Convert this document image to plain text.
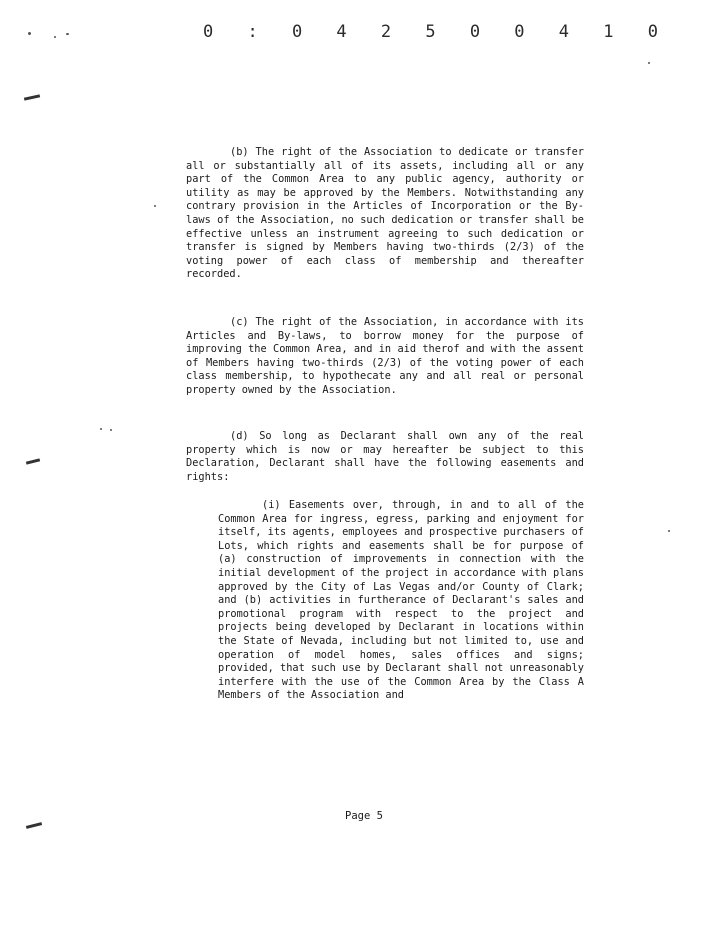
0 : 0 4 2 5 0 0 4 1 0

(b) The right of the Association to dedicate or transfer all or substantially all of its assets, including all or any part of the Common Area to any public agency, authority or utility as may be approved by the Members. Notwithstanding any contrary provision in the Articles of Incorporation or the By-laws of the Association, no such dedication or transfer shall be effective unless an instrument agreeing to such dedication or transfer is signed by Members having two-thirds (2/3) of the voting power of each class of membership and thereafter recorded.

(c) The right of the Association, in accordance with its Articles and By-laws, to borrow money for the purpose of improving the Common Area, and in aid therof and with the assent of Members having two-thirds (2/3) of the voting power of each class membership, to hypothecate any and all real or personal property owned by the Association.

(d) So long as Declarant shall own any of the real property which is now or may hereafter be subject to this Declaration, Declarant shall have the following easements and rights:

(i) Easements over, through, in and to all of the Common Area for ingress, egress, parking and enjoyment for itself, its agents, employees and prospective purchasers of Lots, which rights and easements shall be for purpose of (a) construction of improvements in connection with the initial development of the project in accordance with plans approved by the City of Las Vegas and/or County of Clark; and (b) activities in furtherance of Declarant's sales and promotional program with respect to the project and projects being developed by Declarant in locations within the State of Nevada, including but not limited to, use and operation of model homes, sales offices and signs; provided, that such use by Declarant shall not unreasonably interfere with the use of the Common Area by the Class A Members of the Association and

Page 5
